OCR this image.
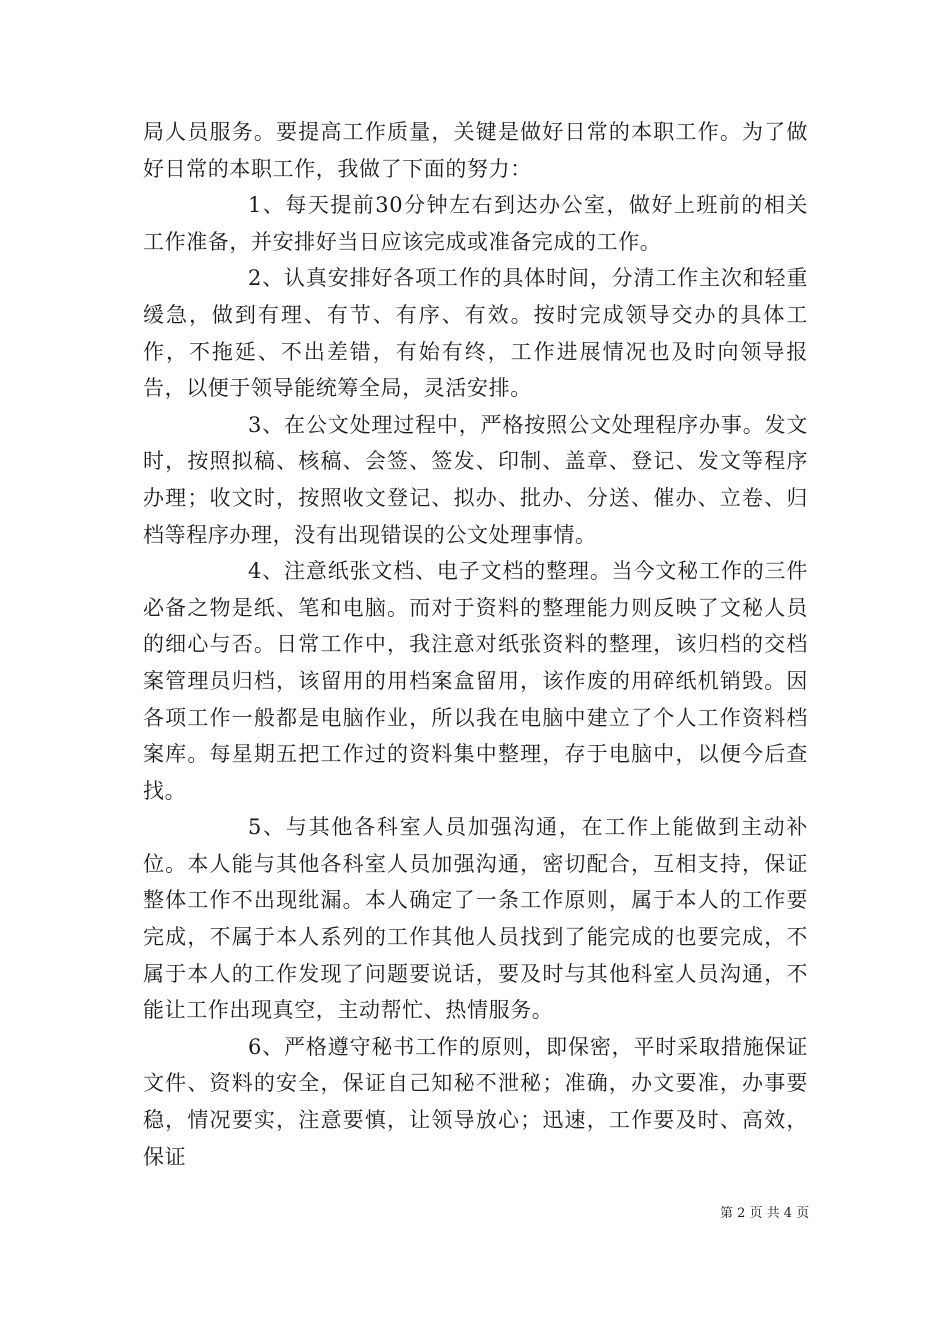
局人员服务。要提高工作质量，关键是做好日常的本职工作。为了做好日常的本职工作，我做了下面的努力：

1、每天提前30分钟左右到达办公室，做好上班前的相关工作准备，并安排好当日应该完成或准备完成的工作。

2、认真安排好各项工作的具体时间，分清工作主次和轻重缓急，做到有理、有节、有序、有效。按时完成领导交办的具体工作，不拖延、不出差错，有始有终，工作进展情况也及时向领导报告，以便于领导能统筹全局，灵活安排。

3、在公文处理过程中，严格按照公文处理程序办事。发文时，按照拟稿、核稿、会签、签发、印制、盖章、登记、发文等程序办理；收文时，按照收文登记、拟办、批办、分送、催办、立卷、归档等程序办理，没有出现错误的公文处理事情。

4、注意纸张文档、电子文档的整理。当今文秘工作的三件必备之物是纸、笔和电脑。而对于资料的整理能力则反映了文秘人员的细心与否。日常工作中，我注意对纸张资料的整理，该归档的交档案管理员归档，该留用的用档案盒留用，该作废的用碎纸机销毁。因各项工作一般都是电脑作业，所以我在电脑中建立了个人工作资料档案库。每星期五把工作过的资料集中整理，存于电脑中，以便今后查找。

5、与其他各科室人员加强沟通，在工作上能做到主动补位。本人能与其他各科室人员加强沟通，密切配合，互相支持，保证整体工作不出现纰漏。本人确定了一条工作原则，属于本人的工作要完成，不属于本人系列的工作其他人员找到了能完成的也要完成，不属于本人的工作发现了问题要说话，要及时与其他科室人员沟通，不能让工作出现真空，主动帮忙、热情服务。

6、严格遵守秘书工作的原则，即保密，平时采取措施保证文件、资料的安全，保证自己知秘不泄秘；准确，办文要准，办事要稳，情况要实，注意要慎，让领导放心；迅速，工作要及时、高效，保证

第 2 页 共 4 页
